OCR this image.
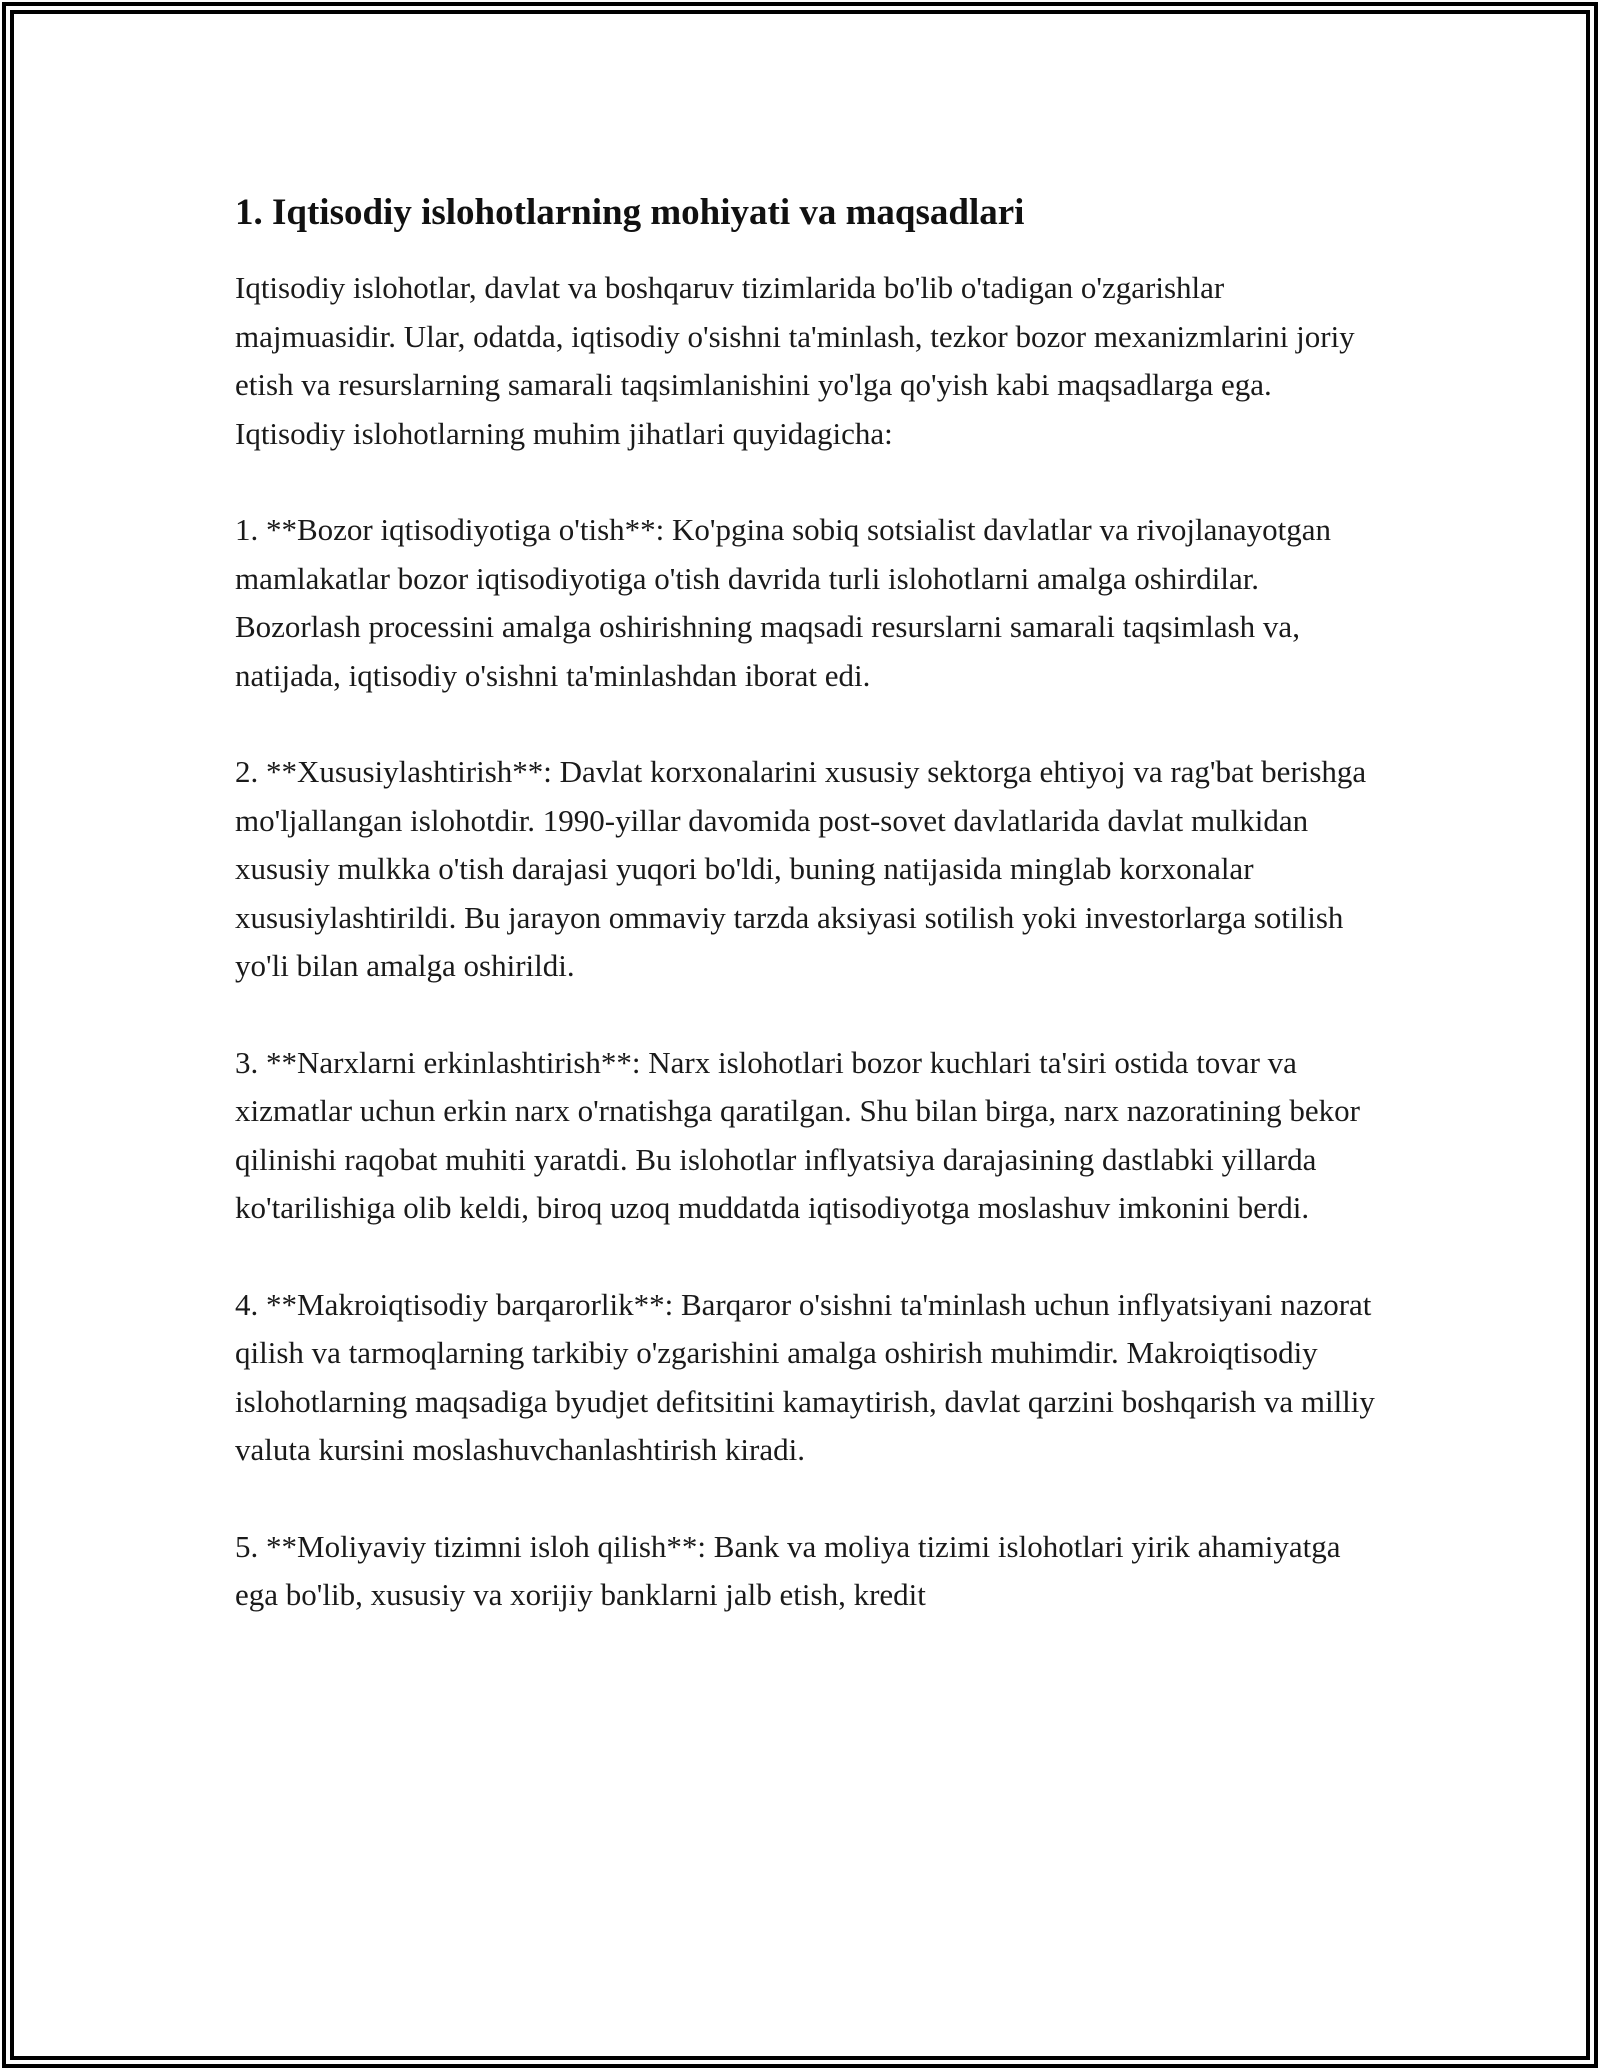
1. Iqtisodiy islohotlarning mohiyati va maqsadlari

Iqtisodiy islohotlar, davlat va boshqaruv tizimlarida bo'lib o'tadigan o'zgarishlar majmuasidir. Ular, odatda, iqtisodiy o'sishni ta'minlash, tezkor bozor mexanizmlarini joriy etish va resurslarning samarali taqsimlanishini yo'lga qo'yish kabi maqsadlarga ega. Iqtisodiy islohotlarning muhim jihatlari quyidagicha:

1. **Bozor iqtisodiyotiga o'tish**: Ko'pgina sobiq sotsialist davlatlar va rivojlanayotgan mamlakatlar bozor iqtisodiyotiga o'tish davrida turli islohotlarni amalga oshirdilar. Bozorlash processini amalga oshirishning maqsadi resurslarni samarali taqsimlash va, natijada, iqtisodiy o'sishni ta'minlashdan iborat edi.

2. **Xususiylashtirish**: Davlat korxonalarini xususiy sektorga ehtiyoj va rag'bat berishga mo'ljallangan islohotdir. 1990-yillar davomida post-sovet davlatlarida davlat mulkidan xususiy mulkka o'tish darajasi yuqori bo'ldi, buning natijasida minglab korxonalar xususiylashtirildi. Bu jarayon ommaviy tarzda aksiyasi sotilish yoki investorlarga sotilish yo'li bilan amalga oshirildi.

3. **Narxlarni erkinlashtirish**: Narx islohotlari bozor kuchlari ta'siri ostida tovar va xizmatlar uchun erkin narx o'rnatishga qaratilgan. Shu bilan birga, narx nazoratining bekor qilinishi raqobat muhiti yaratdi. Bu islohotlar inflyatsiya darajasining dastlabki yillarda ko'tarilishiga olib keldi, biroq uzoq muddatda iqtisodiyotga moslashuv imkonini berdi.

4. **Makroiqtisodiy barqarorlik**: Barqaror o'sishni ta'minlash uchun inflyatsiyani nazorat qilish va tarmoqlarning tarkibiy o'zgarishini amalga oshirish muhimdir. Makroiqtisodiy islohotlarning maqsadiga byudjet defitsitini kamaytirish, davlat qarzini boshqarish va milliy valuta kursini moslashuvchanlashtirish kiradi.

5. **Moliyaviy tizimni isloh qilish**: Bank va moliya tizimi islohotlari yirik ahamiyatga ega bo'lib, xususiy va xorijiy banklarni jalb etish, kredit
